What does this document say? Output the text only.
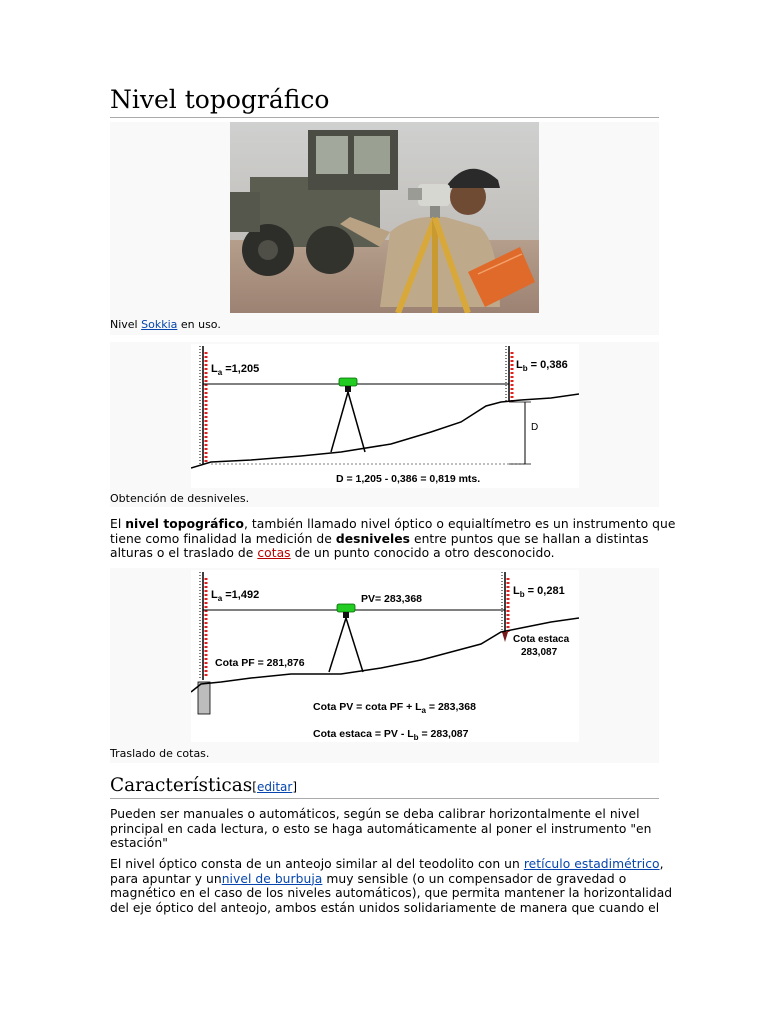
Nivel topográfico
Nivel Sokkia en uso.
D
$L_a =1,205$	$L_b = 0,386$
D = 1,205 - 0,386 = 0,819 mts.
Obtención de desniveles.
El nivel topográfico, también llamado nivel óptico o equialtímetro es un instrumento que
tiene como finalidad la medición de desniveles entre puntos que se hallan a distintas
alturas o el traslado de cotas de un punto conocido a otro desconocido.
$L_a =1,492$	PV= 283,368
$L_b = 0,281$
Cota PF = 281,876
Cota estaca
283,087
Cota PV = cota PF + $L_a = 283,368$
Cota estaca = PV - $L_b = 283,087$
Traslado de cotas.
Características[editar]
Pueden ser manuales o automáticos, según se deba calibrar horizontalmente el nivel
principal en cada lectura, o esto se haga automáticamente al poner el instrumento "en
estación"
El nivel óptico consta de un anteojo similar al del teodolito con un retículo estadimétrico,
para apuntar y unnivel de burbuja muy sensible (o un compensador de gravedad o
magnético en el caso de los niveles automáticos), que permita mantener la horizontalidad
del eje óptico del anteojo, ambos están unidos solidariamente de manera que cuando el
